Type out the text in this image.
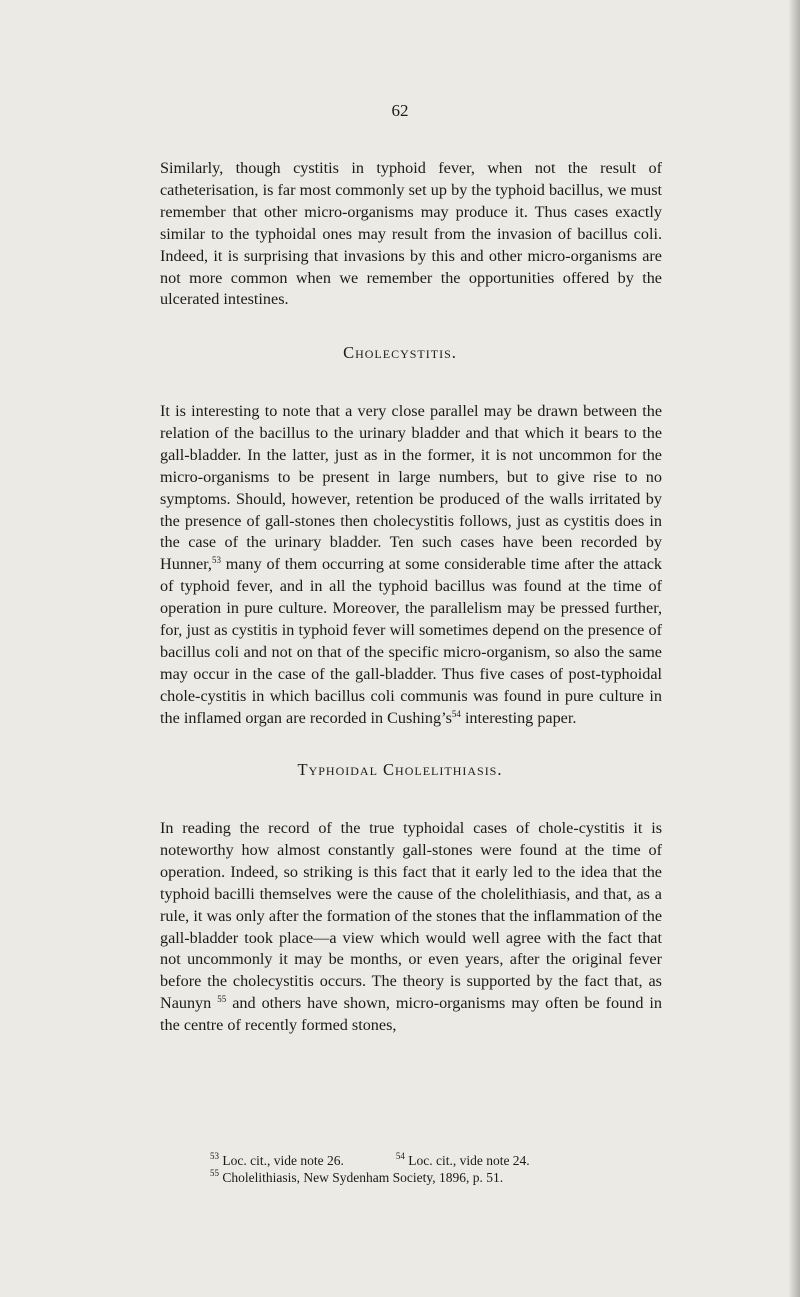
62

Similarly, though cystitis in typhoid fever, when not the result of catheterisation, is far most commonly set up by the typhoid bacillus, we must remember that other micro-organisms may produce it. Thus cases exactly similar to the typhoidal ones may result from the invasion of bacillus coli. Indeed, it is surprising that invasions by this and other micro-organisms are not more common when we remember the opportunities offered by the ulcerated intestines.

Cholecystitis.

It is interesting to note that a very close parallel may be drawn between the relation of the bacillus to the urinary bladder and that which it bears to the gall-bladder. In the latter, just as in the former, it is not uncommon for the micro-organisms to be present in large numbers, but to give rise to no symptoms. Should, however, retention be produced of the walls irritated by the presence of gall-stones then cholecystitis follows, just as cystitis does in the case of the urinary bladder. Ten such cases have been recorded by Hunner,$^{53}$ many of them occurring at some considerable time after the attack of typhoid fever, and in all the typhoid bacillus was found at the time of operation in pure culture. Moreover, the parallelism may be pressed further, for, just as cystitis in typhoid fever will sometimes depend on the presence of bacillus coli and not on that of the specific micro-organism, so also the same may occur in the case of the gall-bladder. Thus five cases of post-typhoidal chole-cystitis in which bacillus coli communis was found in pure culture in the inflamed organ are recorded in $Cushing’s^{54}$ interesting paper.

Typhoidal Cholelithiasis.

In reading the record of the true typhoidal cases of chole-cystitis it is noteworthy how almost constantly gall-stones were found at the time of operation. Indeed, so striking is this fact that it early led to the idea that the typhoid bacilli themselves were the cause of the cholelithiasis, and that, as a rule, it was only after the formation of the stones that the inflammation of the gall-bladder took place—a view which would well agree with the fact that not uncommonly it may be months, or even years, after the original fever before the cholecystitis occurs. The theory is supported by the fact that, as Naunyn $^{55}$ and others have shown, micro-organisms may often be found in the centre of recently formed stones,

$^{53}$ Loc. cit., vide note 26.	$^{54}$ Loc. cit., vide note 24.
$^{55}$ Cholelithiasis, New Sydenham Society, 1896, p. 51.
